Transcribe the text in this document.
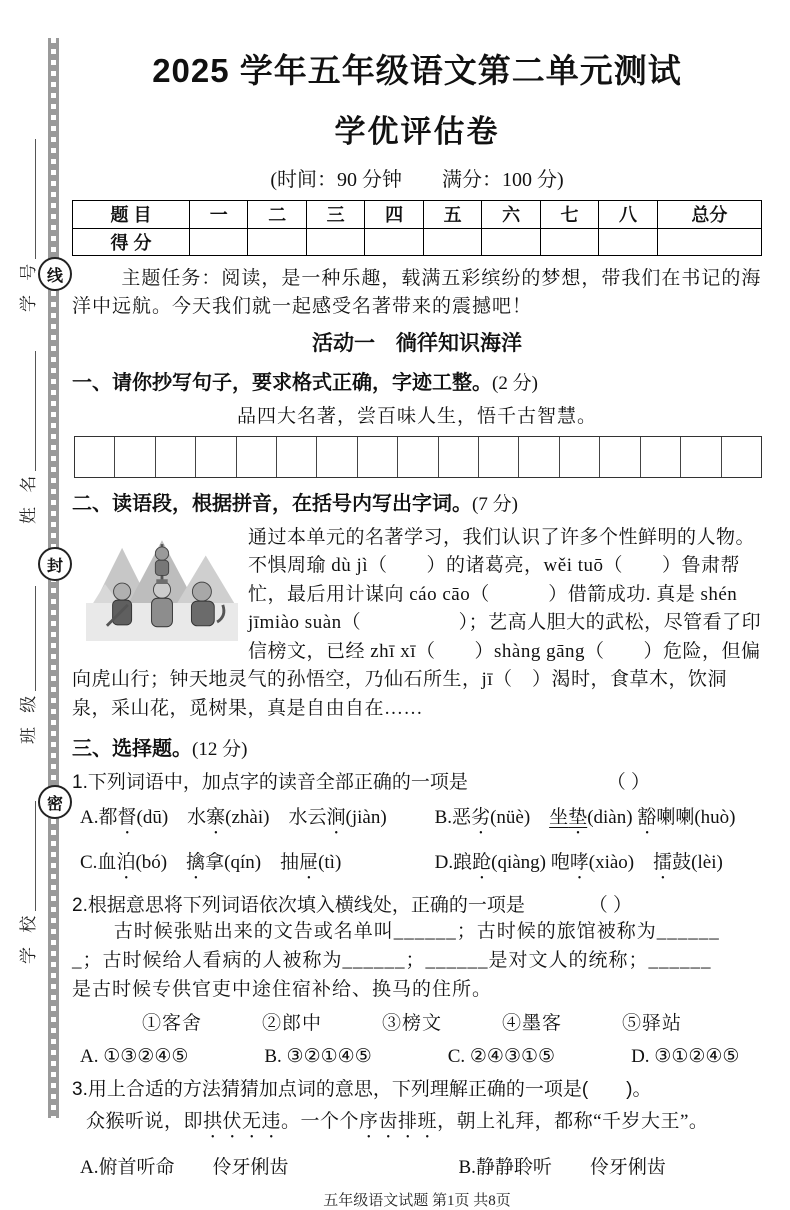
线
封
密
学 号
姓 名
班 级
学 校
2025 学年五年级语文第二单元测试
学优评估卷
(时间：90 分钟　　满分：100 分)
题 目	一	二	三	四	五	六	七	八	总分
得 分									
主题任务：阅读，是一种乐趣，载满五彩缤纷的梦想，带我们在书记的海洋中远航。今天我们就一起感受名著带来的震撼吧！
活动一　徜徉知识海洋
一、请你抄写句子，要求格式正确，字迹工整。(2 分)
品四大名著，尝百味人生，悟千古智慧。
二、读语段，根据拼音，在括号内写出字词。(7 分)
通过本单元的名著学习，我们认识了许多个性鲜明的人物。不惧周瑜 dù jì（　　）的诸葛亮，wěi tuō（　　）鲁肃帮忙，最后用计谋向 cáo cāo（　　　）借箭成功. 真是 shén jīmiào suàn（　　　　　）；艺高人胆大的武松，尽管看了印信榜文，已经 zhī xī（　　）shàng gāng（　　）危险，但偏向虎山行；钟天地灵气的孙悟空，乃仙石所生，jī（　）渴时，食草木，饮洞泉，采山花，觅树果，真是自由自在……
三、选择题。(12 分)
1.下列词语中，加点字的读音全部正确的一项是	（ ）
A.都督(dū)　水寨(zhài)　水云涧(jiàn)	B.恶劣(nüè)　坐垫(diàn) 豁喇喇(huò)
C.血泊(bó)　擒拿(qín)　抽屉(tì)	D.踉跄(qiàng) 咆哮(xiào)　擂鼓(lèi)
2.根据意思将下列词语依次填入横线处，正确的一项是	（ ）
古时候张贴出来的文告或名单叫______；古时候的旅馆被称为______
_；古时候给人看病的人被称为______；______是对文人的统称；______
是古时候专供官吏中途住宿补给、换马的住所。
①客舍　　　②郎中　　　③榜文　　　④墨客　　　⑤驿站
A. ①③②④⑤　　　　B. ③②①④⑤　　　　C. ②④③①⑤　　　　D. ③①②④⑤
3.用上合适的方法猜猜加点词的意思，下列理解正确的一项是(　　)。
众猴听说，即拱伏无违。一个个序齿排班，朝上礼拜，都称“千岁大王”。
A.俯首听命　　伶牙俐齿	B.静静聆听　　伶牙俐齿
五年级语文试题 第1页 共8页
